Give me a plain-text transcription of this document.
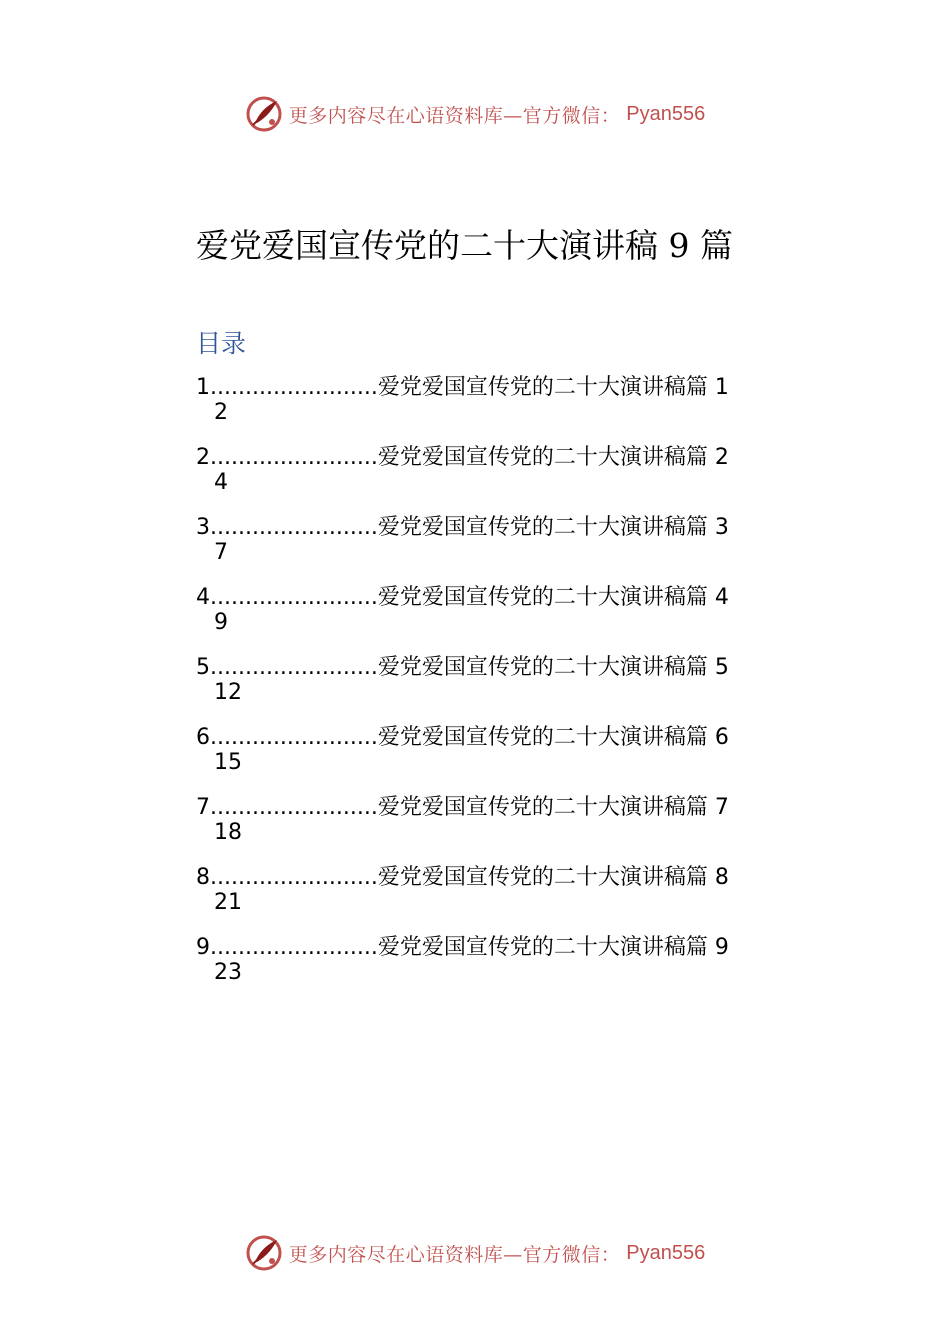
更多内容尽在心语资料库—官方微信： Pyan556
爱党爱国宣传党的二十大演讲稿 9 篇
目录
1 ........................ 爱党爱国宣传党的二十大演讲稿篇 1
2
2 ........................ 爱党爱国宣传党的二十大演讲稿篇 2
4
3 ........................ 爱党爱国宣传党的二十大演讲稿篇 3
7
4 ........................ 爱党爱国宣传党的二十大演讲稿篇 4
9
5 ........................ 爱党爱国宣传党的二十大演讲稿篇 5
12
6 ........................ 爱党爱国宣传党的二十大演讲稿篇 6
15
7 ........................ 爱党爱国宣传党的二十大演讲稿篇 7
18
8 ........................ 爱党爱国宣传党的二十大演讲稿篇 8
21
9 ........................ 爱党爱国宣传党的二十大演讲稿篇 9
23
更多内容尽在心语资料库—官方微信： Pyan556
